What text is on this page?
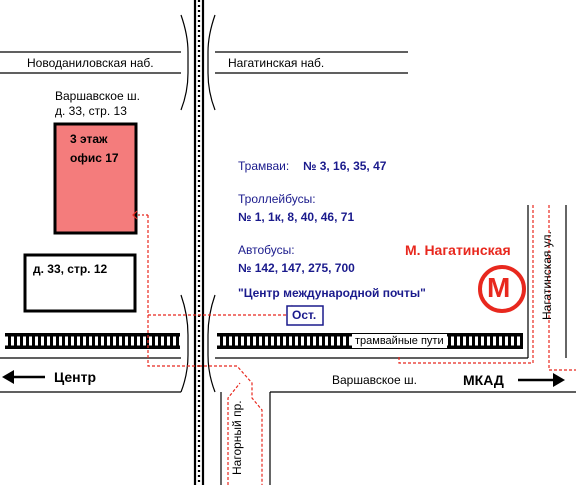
Новоданиловская наб.	Нагатинская наб.
Варшавское ш.
Нагорный пр.
Нагатинская ул.
Варшавское ш.
д. 33, стр. 13
3 этаж
офис 17
д. 33, стр. 12
Трамваи: № 3, 16, 35, 47
Троллейбусы:
№ 1, 1к, 8, 40, 46, 71
Автобусы:
№ 142, 147, 275, 700
"Центр международной почты"
Ост.
трамвайные пути
М. Нагатинская
M
Центр	МКАД
